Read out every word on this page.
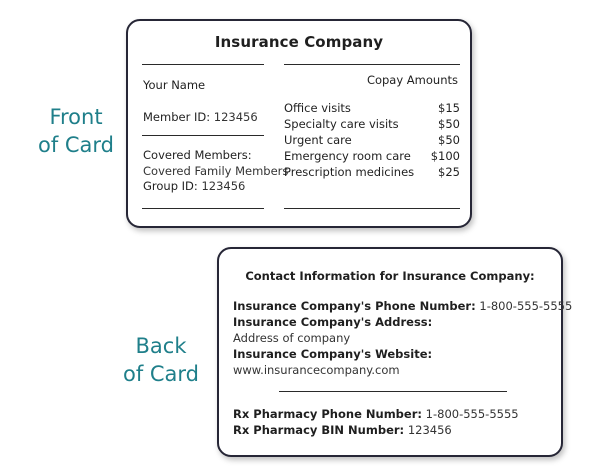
Front
of Card
Back
of Card
Insurance Company
Your Name
Member ID: 123456
Covered Members:
Covered Family Members
Group ID: 123456
Copay Amounts
Office visits	$15
Specialty care visits	$50
Urgent care	$50
Emergency room care $100
Prescription medicines $25
Contact Information for Insurance Company:
Insurance Company's Phone Number: 1-800-555-5555
Insurance Company's Address:
Address of company
Insurance Company's Website:
www.insurancecompany.com
Rx Pharmacy Phone Number: 1-800-555-5555
Rx Pharmacy BIN Number: 123456
